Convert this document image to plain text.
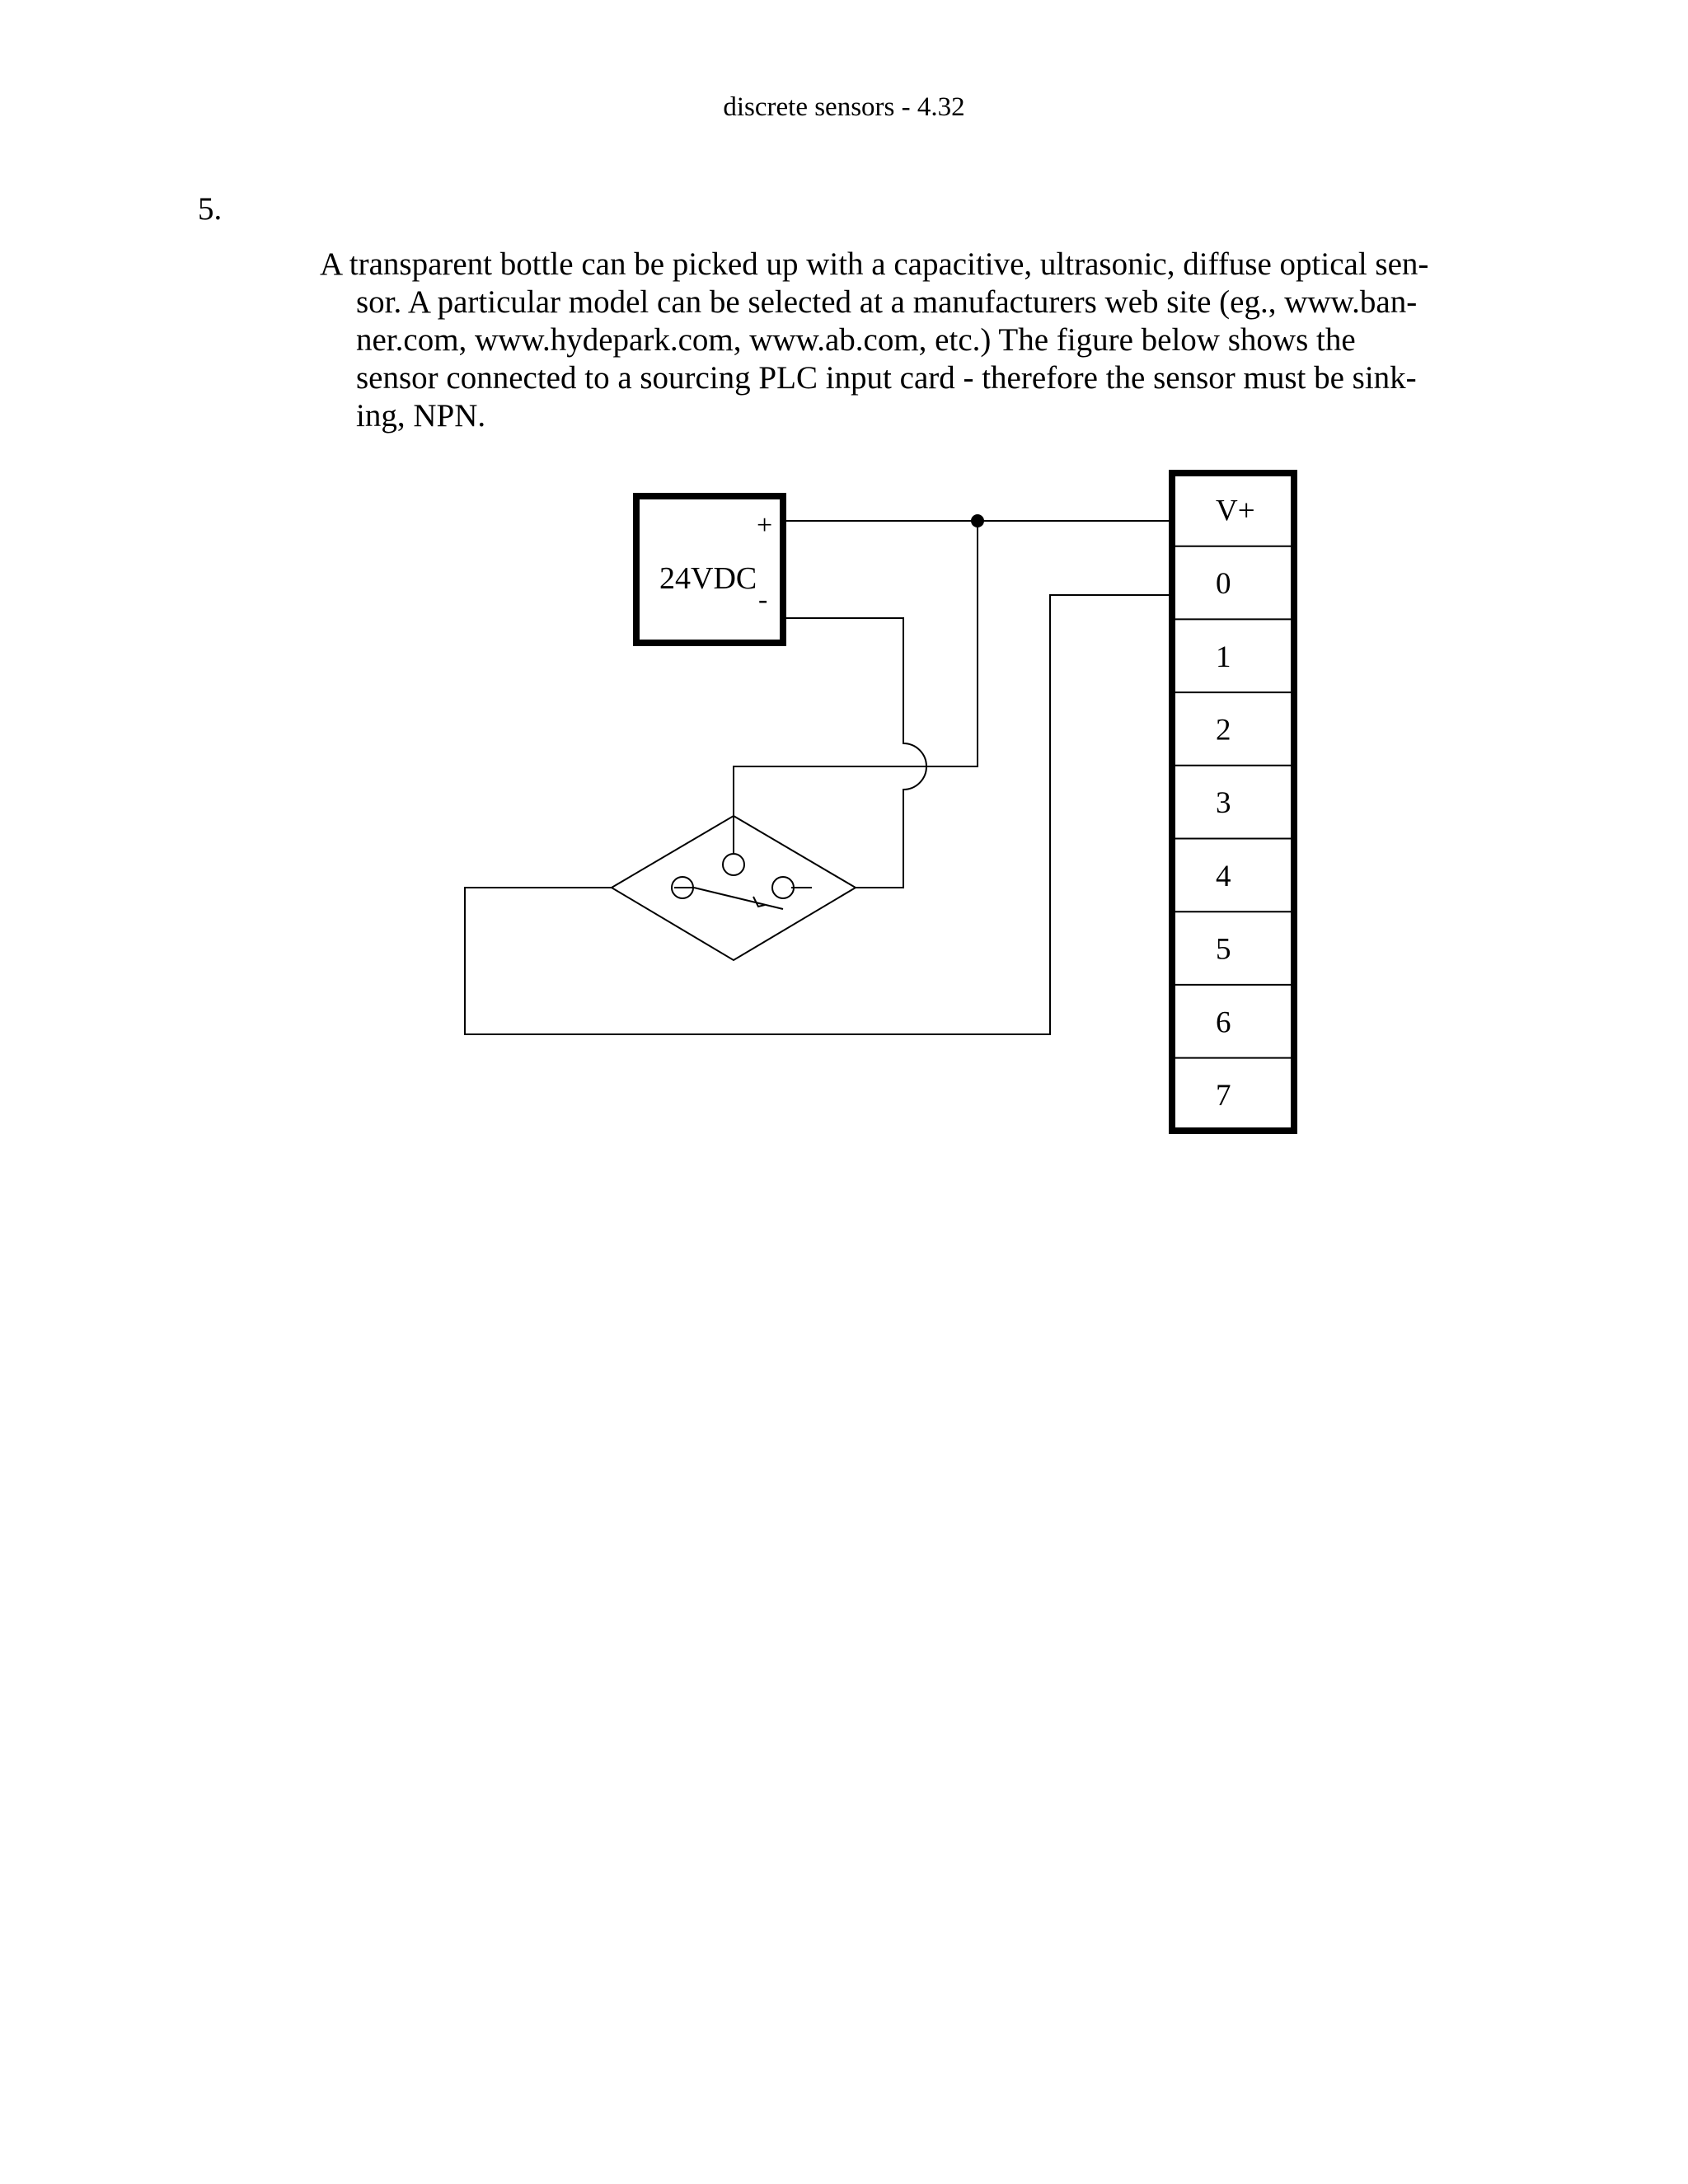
discrete sensors - 4.32
5.
A transparent bottle can be picked up with a capacitive, ultrasonic, diffuse optical sen-
sor. A particular model can be selected at a manufacturers web site (eg., www.ban-
ner.com, www.hydepark.com, www.ab.com, etc.) The figure below shows the
sensor connected to a sourcing PLC input card - therefore the sensor must be sink-
ing, NPN.
24VDC
+
-
V+
0
1
2
3
4
5
6
7
